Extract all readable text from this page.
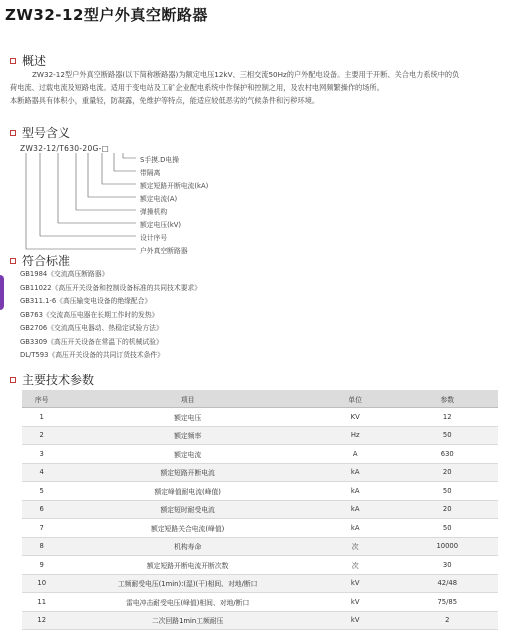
ZW32-12型户外真空断路器
概述

ZW32-12型户外真空断路器(以下简称断路器)为额定电压12kV、三相交流50Hz的户外配电设备。主要用于开断、关合电力系统中的负

荷电流、过载电流及短路电流。适用于变电站及工矿企业配电系统中作保护和控制之用，及农村电网频繁操作的场所。

本断路器具有体积小，重量轻，防凝露，免维护等特点，能适应较低恶劣的气候条件和污秽环境。

型号含义
ZW32-12/T630-20G-□
S手摸.D电操
带隔离
额定短路开断电流(kA)
额定电流(A)
弹操机构
额定电压(kV)
设计序号
户外真空断路器
符合标准
GB1984《交流高压断路器》
GB11022《高压开关设备和控制设备标准的共同技术要求》
GB311.1-6《高压输变电设备的绝缘配合》
GB763《交流高压电器在长期工作时的发热》
GB2706《交流高压电器动、热稳定试验方法》
GB3309《高压开关设备在常温下的机械试验》
DL/T593《高压开关设备的共同订货技术条件》
主要技术参数
序号	项目	单位	参数
1	额定电压	KV	12
2	额定频率	Hz	50
3	额定电流	A	630
4	额定短路开断电流	kA	20
5	额定峰值耐电流(峰值)	kA	50
6	额定短时耐受电流	kA	20
7	额定短路关合电流(峰值)	kA	50
8	机构寿命	次	10000
9	额定短路开断电流开断次数	次	30
10	工频耐受电压(1min):(湿)(干)相间、对地/断口	kV	42/48
11	雷电冲击耐受电压(峰值)相间、对地/断口	kV	75/85
12	二次回路1min工频耐压	kV	2
